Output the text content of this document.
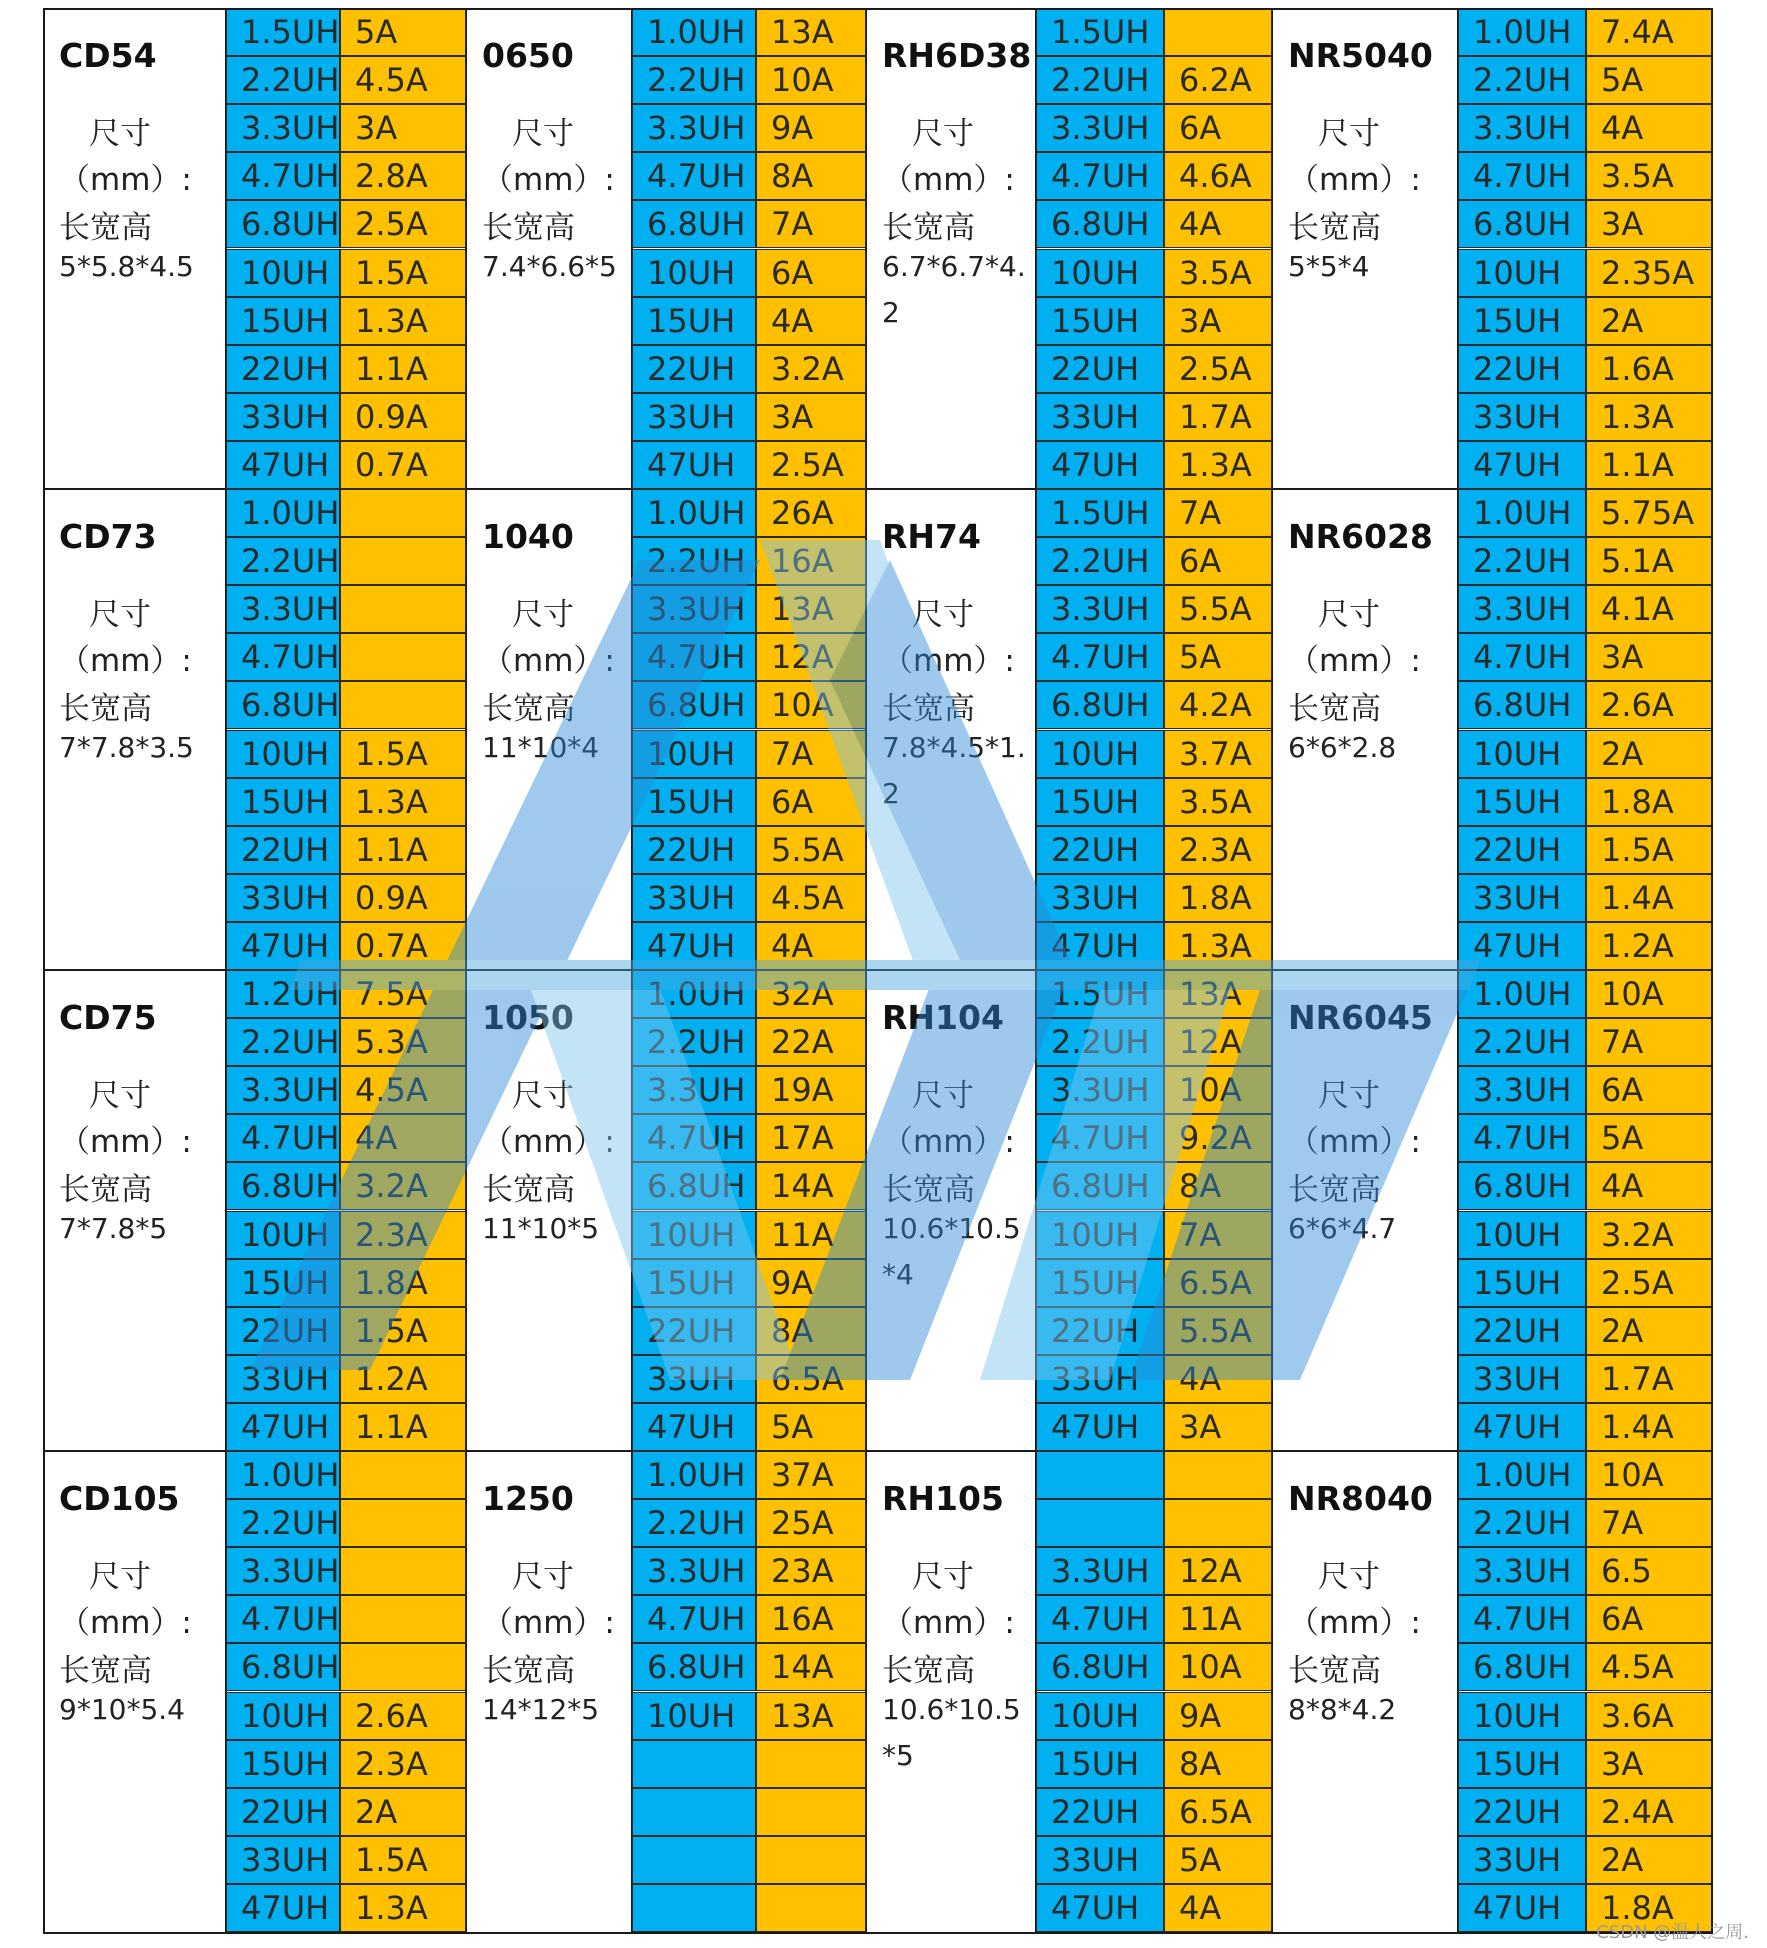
CD54
尺寸
（mm）:
长宽高
5*5.8*4.5
1.5UH 5A
2.2UH 4.5A
3.3UH 3A
4.7UH 2.8A
6.8UH 2.5A
10UH 1.5A
15UH 1.3A
22UH 1.1A
33UH 0.9A
47UH 0.7A
0650
尺寸
（mm）:
长宽高
7.4*6.6*5
1.0UH 13A
2.2UH 10A
3.3UH 9A
4.7UH 8A
6.8UH 7A
10UH	6A
15UH	4A
22UH	3.2A
33UH	3A
47UH	2.5A
RH6D38
尺寸
（mm）:
长宽高
6.7*6.7*4.2
1.5UH
2.2UH 6.2A
3.3UH 6A
4.7UH 4.6A
6.8UH 4A
10UH	3.5A
15UH	3A
22UH	2.5A
33UH	1.7A
47UH	1.3A
NR5040
尺寸
（mm）:
长宽高
5*5*4
1.0UH 7.4A
2.2UH 5A
3.3UH 4A
4.7UH 3.5A
6.8UH 3A
10UH	2.35A
15UH	2A
22UH	1.6A
33UH	1.3A
47UH	1.1A
CD73
尺寸
（mm）:
长宽高
7*7.8*3.5
1.0UH
2.2UH
3.3UH
4.7UH
6.8UH
10UH 1.5A
15UH 1.3A
22UH 1.1A
33UH 0.9A
47UH 0.7A
1040
尺寸
（mm）:
长宽高
11*10*4
1.0UH 26A
2.2UH 16A
3.3UH 13A
4.7UH 12A
6.8UH 10A
10UH	7A
15UH	6A
22UH	5.5A
33UH	4.5A
47UH	4A
RH74
尺寸
（mm）:
长宽高
7.8*4.5*1.2
1.5UH 7A
2.2UH 6A
3.3UH 5.5A
4.7UH 5A
6.8UH 4.2A
10UH	3.7A
15UH	3.5A
22UH	2.3A
33UH	1.8A
47UH	1.3A
NR6028
尺寸
（mm）:
长宽高
6*6*2.8
1.0UH 5.75A
2.2UH 5.1A
3.3UH 4.1A
4.7UH 3A
6.8UH 2.6A
10UH	2A
15UH	1.8A
22UH	1.5A
33UH	1.4A
47UH	1.2A
CD75
尺寸
（mm）:
长宽高
7*7.8*5
1.2UH 7.5A
2.2UH 5.3A
3.3UH 4.5A
4.7UH 4A
6.8UH 3.2A
10UH 2.3A
15UH 1.8A
22UH 1.5A
33UH 1.2A
47UH 1.1A
1050
尺寸
（mm）:
长宽高
11*10*5
1.0UH 32A
2.2UH 22A
3.3UH 19A
4.7UH 17A
6.8UH 14A
10UH	11A
15UH	9A
22UH	8A
33UH	6.5A
47UH	5A
RH104
尺寸
（mm）:
长宽高
10.6*10.5*4
1.5UH 13A
2.2UH 12A
3.3UH 10A
4.7UH 9.2A
6.8UH 8A
10UH	7A
15UH	6.5A
22UH	5.5A
33UH	4A
47UH	3A
NR6045
尺寸
（mm）:
长宽高
6*6*4.7
1.0UH 10A
2.2UH 7A
3.3UH 6A
4.7UH 5A
6.8UH 4A
10UH	3.2A
15UH	2.5A
22UH	2A
33UH	1.7A
47UH	1.4A
CD105
尺寸
（mm）:
长宽高
9*10*5.4
1.0UH
2.2UH
3.3UH
4.7UH
6.8UH
10UH 2.6A
15UH 2.3A
22UH 2A
33UH 1.5A
47UH 1.3A
1250
尺寸
（mm）:
长宽高
14*12*5
1.0UH 37A
2.2UH 25A
3.3UH 23A
4.7UH 16A
6.8UH 14A
10UH	13A
RH105
尺寸
（mm）:
长宽高
10.6*10.5*5
3.3UH 12A
4.7UH 11A
6.8UH 10A
10UH	9A
15UH	8A
22UH	6.5A
33UH	5A
47UH	4A
NR8040
尺寸
（mm）:
长宽高
8*8*4.2
1.0UH 10A
2.2UH 7A
3.3UH 6.5
4.7UH 6A
6.8UH 4.5A
10UH	3.6A
15UH	3A
22UH	2.4A
33UH	2A
47UH	1.8A
CSDN @温人之周.
